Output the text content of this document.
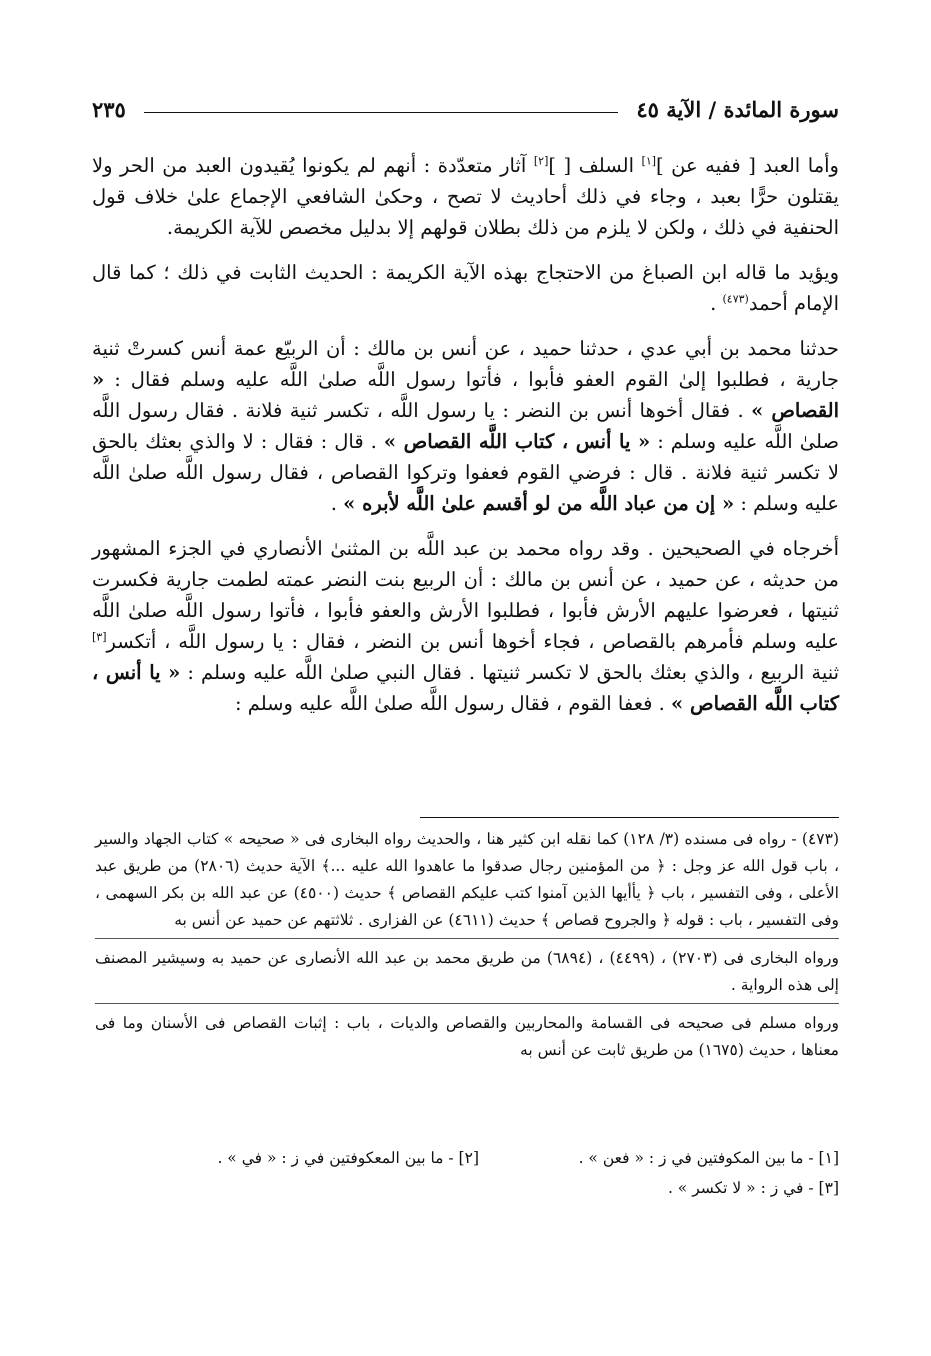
سورة المائدة / الآية ٤٥
٢٣٥

وأما العبد [ ففيه عن ][١] السلف [ ][٢] آثار متعدّدة : أنهم لم يكونوا يُقيدون العبد من الحر ولا يقتلون حرًّا بعبد ، وجاء في ذلك أحاديث لا تصح ، وحكىٰ الشافعي الإجماع علىٰ خلاف قول الحنفية في ذلك ، ولكن لا يلزم من ذلك بطلان قولهم إلا بدليل مخصص للآية الكريمة.

ويؤيد ما قاله ابن الصباغ من الاحتجاج بهذه الآية الكريمة : الحديث الثابت في ذلك ؛ كما قال الإمام أحمد$^{(٤٧٣)}$ .

حدثنا محمد بن أبي عدي ، حدثنا حميد ، عن أنس بن مالك : أن الربيّع عمة أنس كسرتْ ثنية جارية ، فطلبوا إلىٰ القوم العفو فأبوا ، فأتوا رسول اللَّه صلىٰ اللَّه عليه وسلم فقال : « القصاص » . فقال أخوها أنس بن النضر : يا رسول اللَّه ، تكسر ثنية فلانة . فقال رسول اللَّه صلىٰ اللَّه عليه وسلم : « يا أنس ، كتاب اللَّه القصاص » . قال : فقال : لا والذي بعثك بالحق لا تكسر ثنية فلانة . قال : فرضي القوم فعفوا وتركوا القصاص ، فقال رسول اللَّه صلىٰ اللَّه عليه وسلم : « إن من عباد اللَّه من لو أقسم علىٰ اللَّه لأبره » .

أخرجاه في الصحيحين . وقد رواه محمد بن عبد اللَّه بن المثنىٰ الأنصاري في الجزء المشهور من حديثه ، عن حميد ، عن أنس بن مالك : أن الربيع بنت النضر عمته لطمت جارية فكسرت ثنيتها ، فعرضوا عليهم الأرش فأبوا ، فطلبوا الأرش والعفو فأبوا ، فأتوا رسول اللَّه صلىٰ اللَّه عليه وسلم فأمرهم بالقصاص ، فجاء أخوها أنس بن النضر ، فقال : يا رسول اللَّه ، أتكسر[٣] ثنية الربيع ، والذي بعثك بالحق لا تكسر ثنيتها . فقال النبي صلىٰ اللَّه عليه وسلم : « يا أنس ، كتاب اللَّه القصاص » . فعفا القوم ، فقال رسول اللَّه صلىٰ اللَّه عليه وسلم :

(٤٧٣) - رواه فى مسنده (٣/ ١٢٨) كما نقله ابن كثير هنا ، والحديث رواه البخارى فى « صحيحه » كتاب الجهاد والسير ، باب قول الله عز وجل : ﴿ من المؤمنين رجال صدقوا ما عاهدوا الله عليه ...﴾ الآية حديث (٢٨٠٦) من طريق عبد الأعلى ، وفى التفسير ، باب ﴿ يأأيها الذين آمنوا كتب عليكم القصاص ﴾ حديث (٤٥٠٠) عن عبد الله بن بكر السهمى ، وفى التفسير ، باب : قوله ﴿ والجروح قصاص ﴾ حديث (٤٦١١) عن الفزارى . ثلاثتهم عن حميد عن أنس به

ورواه البخارى فى (٢٧٠٣) ، (٤٤٩٩) ، (٦٨٩٤) من طريق محمد بن عبد الله الأنصارى عن حميد به وسيشير المصنف إلى هذه الرواية .

ورواه مسلم فى صحيحه فى القسامة والمحاربين والقصاص والديات ، باب : إثبات القصاص فى الأسنان وما فى معناها ، حديث (١٦٧٥) من طريق ثابت عن أنس به

[١] - ما بين المكوفتين في ز : « فعن » .
[٢] - ما بين المعكوفتين في ز : « في » .
[٣] - في ز : « لا تكسر » .
